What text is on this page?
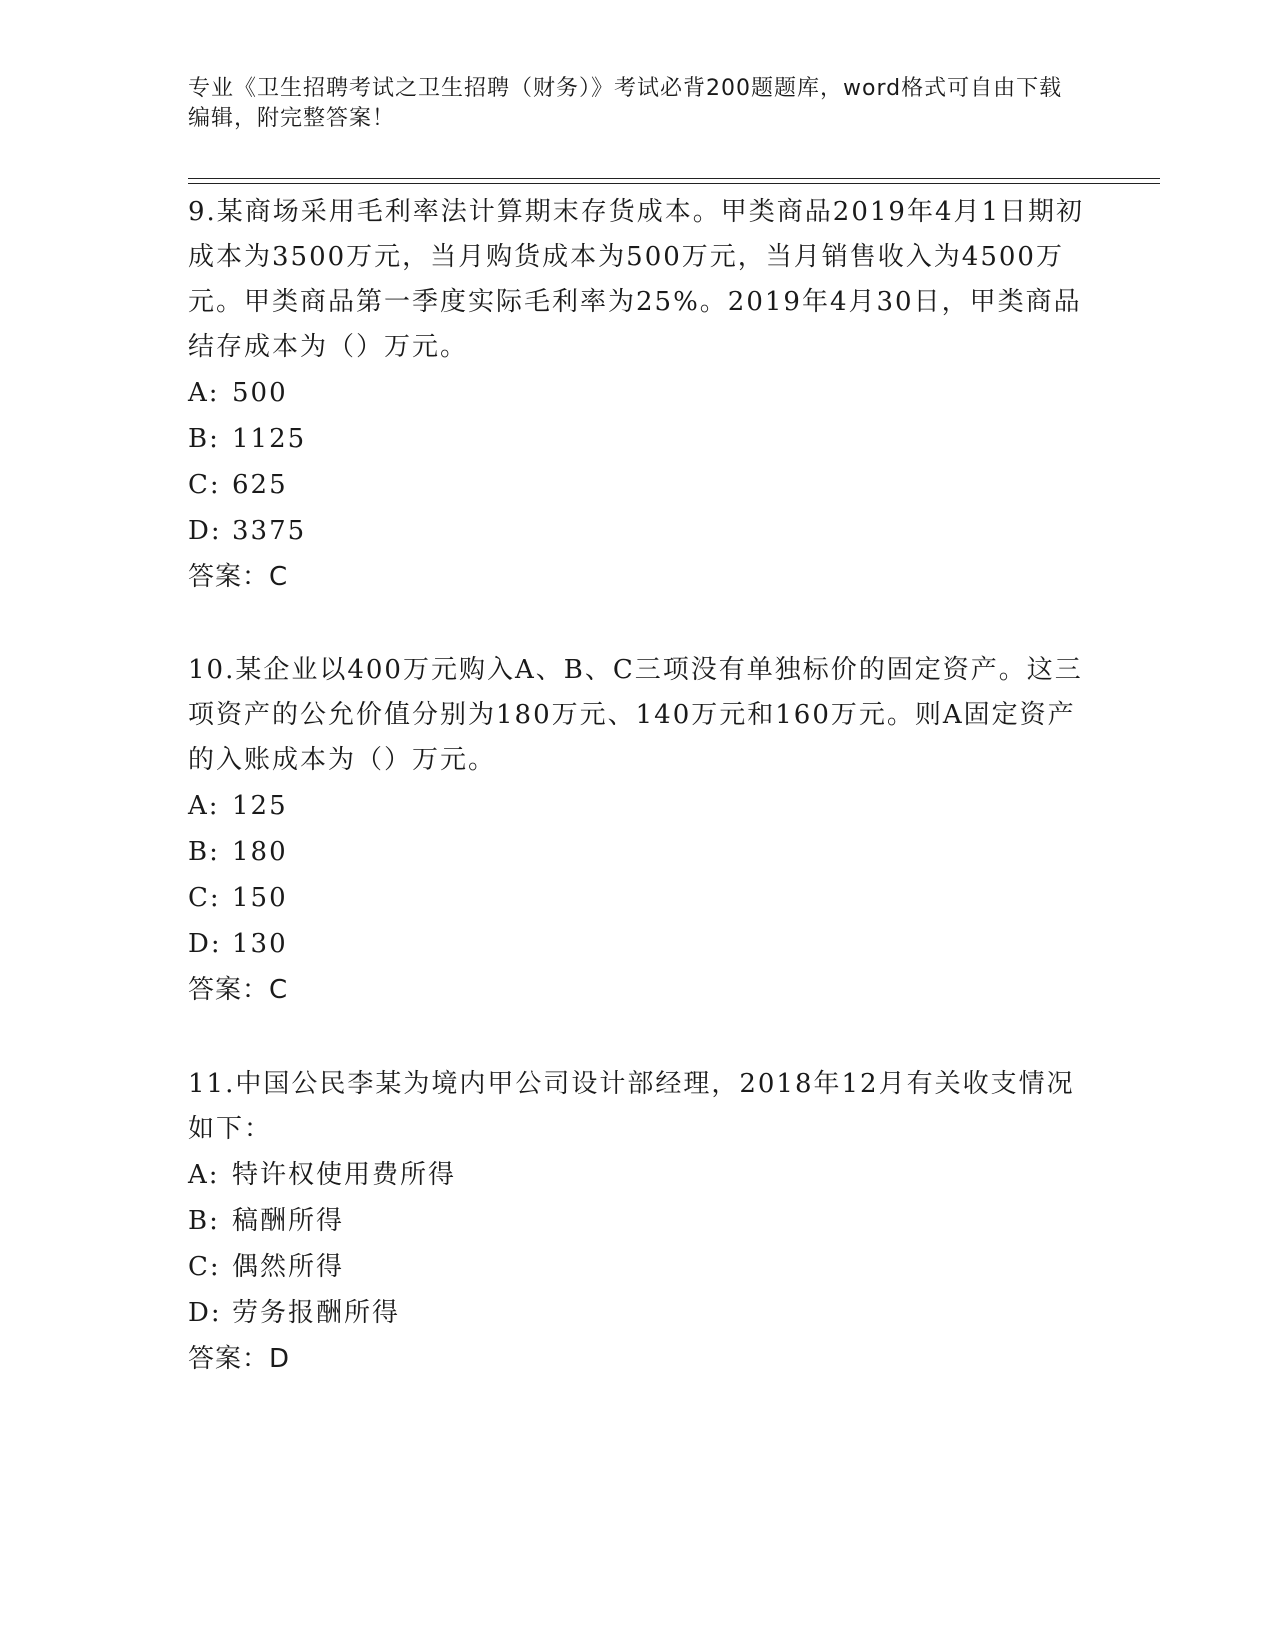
专业《卫生招聘考试之卫生招聘（财务）》考试必背200题题库，word格式可自由下载编辑，附完整答案！

9.某商场采用毛利率法计算期末存货成本。甲类商品2019年4月1日期初成本为3500万元，当月购货成本为500万元，当月销售收入为4500万元。甲类商品第一季度实际毛利率为25%。2019年4月30日，甲类商品结存成本为（）万元。

A: 500

B: 1125

C: 625

D: 3375

答案：C

10.某企业以400万元购入A、B、C三项没有单独标价的固定资产。这三项资产的公允价值分别为180万元、140万元和160万元。则A固定资产的入账成本为（）万元。

A: 125

B: 180

C: 150

D: 130

答案：C

11.中国公民李某为境内甲公司设计部经理，2018年12月有关收支情况如下：

A: 特许权使用费所得

B: 稿酬所得

C: 偶然所得

D: 劳务报酬所得

答案：D
